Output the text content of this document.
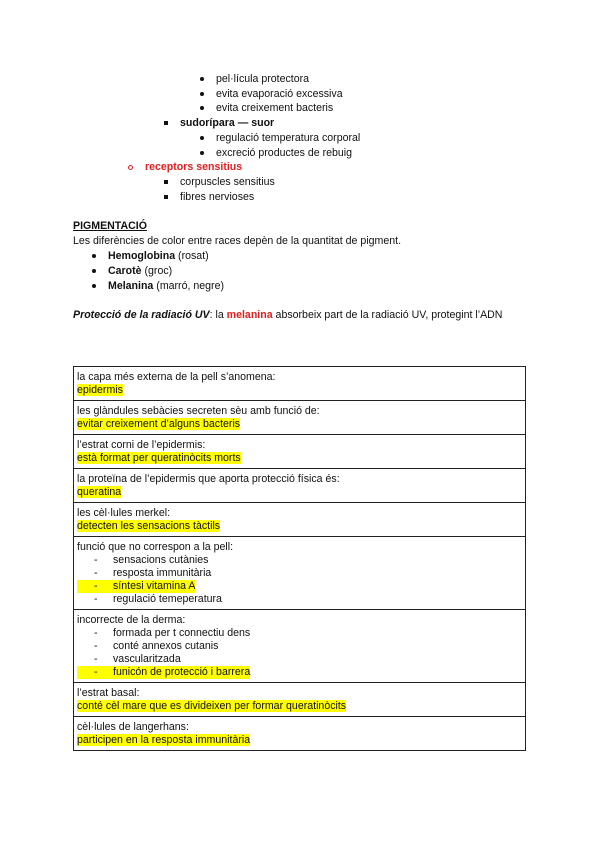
pel·lícula protectora
evita evaporació excessiva
evita creixement bacteris
sudorípara — suor
regulació temperatura corporal
excreció productes de rebuig
receptors sensitius
corpuscles sensitius
fibres nervioses
PIGMENTACIÓ
Les diferències de color entre races depèn de la quantitat de pigment.
Hemoglobina (rosat)
Carotè (groc)
Melanina (marró, negre)
Protecció de la radiació UV: la melanina absorbeix part de la radiació UV, protegint l’ADN
la capa més externa de la pell s’anomena:
epidermis

les glàndules sebàcies secreten sèu amb funció de:
evitar creixement d’alguns bacteris

l’estrat corni de l’epidermis:
està format per queratinòcits morts

la proteïna de l’epidermis que aporta protecció física és:
queratina

les cèl·lules merkel:
detecten les sensacions tàctils

funció que no correspon a la pell:
-	sensacions cutànies
-	resposta immunitària
-	síntesi vitamina A
-	regulació temeperatura

incorrecte de la derma:
-	formada per t connectiu dens
-	conté annexos cutanis
-	vascularitzada
-	funicón de protecció i barrera

l’estrat basal:
conté cèl mare que es divideixen per formar queratinòcits

cèl·lules de langerhans:
participen en la resposta immunitària
